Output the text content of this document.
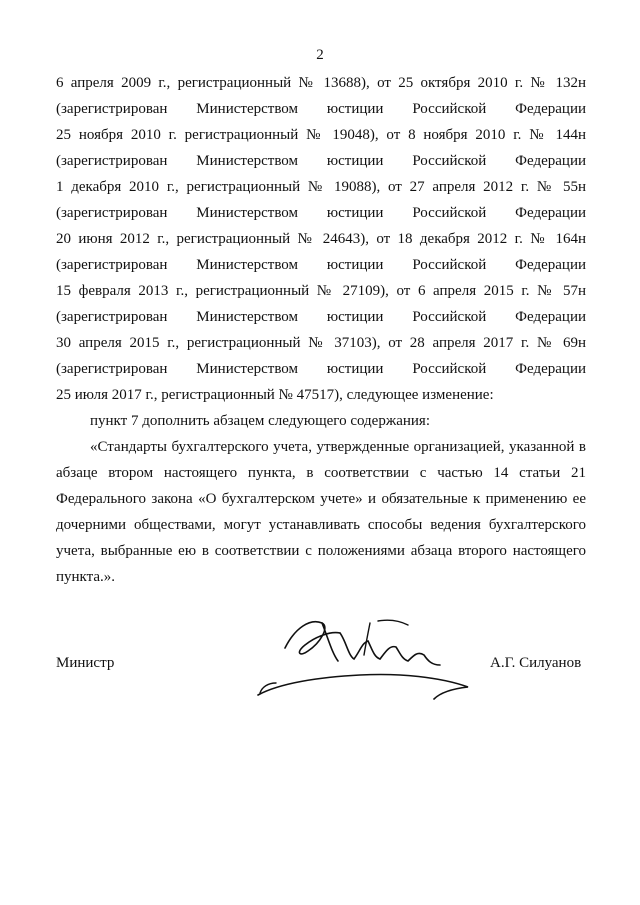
2
6 апреля 2009 г., регистрационный № 13688), от 25 октября 2010 г. № 132н
(зарегистрирован Министерством юстиции Российской Федерации
25 ноября 2010 г. регистрационный № 19048), от 8 ноября 2010 г. № 144н
(зарегистрирован Министерством юстиции Российской Федерации
1 декабря 2010 г., регистрационный № 19088), от 27 апреля 2012 г. № 55н
(зарегистрирован Министерством юстиции Российской Федерации
20 июня 2012 г., регистрационный № 24643), от 18 декабря 2012 г. № 164н
(зарегистрирован Министерством юстиции Российской Федерации
15 февраля 2013 г., регистрационный № 27109), от 6 апреля 2015 г. № 57н
(зарегистрирован Министерством юстиции Российской Федерации
30 апреля 2015 г., регистрационный № 37103), от 28 апреля 2017 г. № 69н
(зарегистрирован Министерством юстиции Российской Федерации
25 июля 2017 г., регистрационный № 47517), следующее изменение:
пункт 7 дополнить абзацем следующего содержания:
«Стандарты бухгалтерского учета, утвержденные организацией, указанной в
абзаце втором настоящего пункта, в соответствии с частью 14 статьи 21
Федерального закона «О бухгалтерском учете» и обязательные к применению ее
дочерними обществами, могут устанавливать способы ведения бухгалтерского
учета, выбранные ею в соответствии с положениями абзаца второго настоящего
пункта.».
Министр	А.Г. Силуанов
